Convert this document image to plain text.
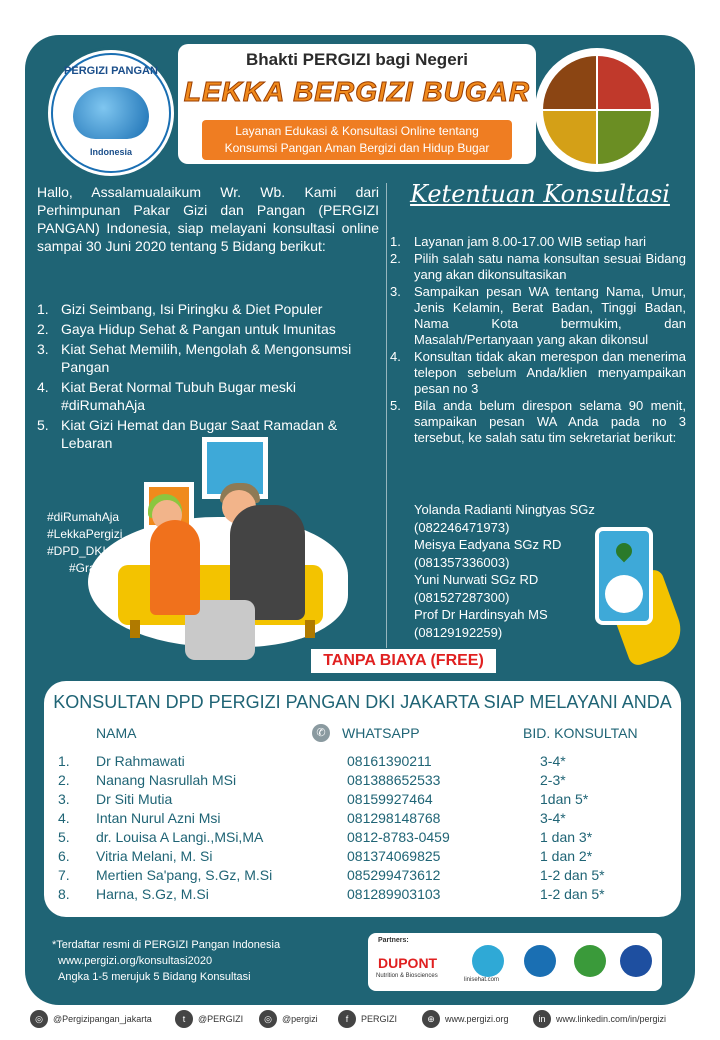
PERGIZI PANGAN
Indonesia
Bhakti PERGIZI bagi Negeri
LEKKA BERGIZI BUGAR
Layanan Edukasi & Konsultasi Online tentang
Konsumsi Pangan Aman Bergizi dan Hidup Bugar
Hallo, Assalamualaikum Wr. Wb. Kami dari Perhimpunan Pakar Gizi dan Pangan (PERGIZI PANGAN) Indonesia, siap melayani konsultasi online sampai 30 Juni 2020 tentang 5 Bidang berikut:
1. Gizi Seimbang, Isi Piringku & Diet Populer
2. Gaya Hidup Sehat & Pangan untuk Imunitas
3. Kiat Sehat Memilih, Mengolah & Mengonsumsi Pangan
4. Kiat Berat Normal Tubuh Bugar meski #diRumahAja
5. Kiat Gizi Hemat dan Bugar Saat Ramadan & Lebaran
Ketentuan Konsultasi
1.	Layanan jam 8.00-17.00 WIB setiap hari
2.	Pilih salah satu nama konsultan sesuai Bidang yang akan dikonsultasikan
3.	Sampaikan pesan WA tentang Nama, Umur, Jenis Kelamin, Berat Badan, Tinggi Badan, Nama Kota bermukim, dan Masalah/Pertanyaan yang akan dikonsul
4.	Konsultan tidak akan merespon dan menerima telepon sebelum Anda/klien menyampaikan pesan no 3
5.	Bila anda belum direspon selama 90 menit, sampaikan pesan WA Anda pada no 3 tersebut, ke salah satu tim sekretariat berikut:
Yolanda Radianti Ningtyas SGz
(082246471973)
Meisya Eadyana SGz RD
(081357336003)
Yuni Nurwati SGz RD
(081527287300)
Prof Dr Hardinsyah MS
(08129192259)
#diRumahAja
#LekkaPergizi
#DPD_DKI_JKT
#Gratis
TANPA BIAYA (FREE)
KONSULTAN DPD PERGIZI PANGAN DKI JAKARTA SIAP MELAYANI ANDA
NAMA	✆	WHATSAPP	BID. KONSULTAN
1. Dr Rahmawati	08161390211	3-4*
2. Nanang Nasrullah MSi	081388652533	2-3*
3. Dr Siti Mutia	08159927464	1dan 5*
4. Intan Nurul Azni Msi	081298148768	3-4*
5. dr. Louisa A Langi.,MSi,MA	0812-8783-0459	1 dan 3*
6. Vitria Melani, M. Si	081374069825	1 dan 2*
7. Mertien Sa'pang, S.Gz, M.Si	085299473612	1-2 dan 5*
8. Harna, S.Gz, M.Si	081289903103	1-2 dan 5*
*Terdaftar resmi di PERGIZI Pangan Indonesia
www.pergizi.org/konsultasi2020
Angka 1-5 merujuk 5 Bidang Konsultasi
Partners:
DUPONT
Nutrition & Biosciences
linisehat.com
◎	@Pergizipangan_jakarta	t	@PERGIZI	◎	@pergizi	f	PERGIZI	⊕	www.pergizi.org	in	www.linkedin.com/in/pergizi
